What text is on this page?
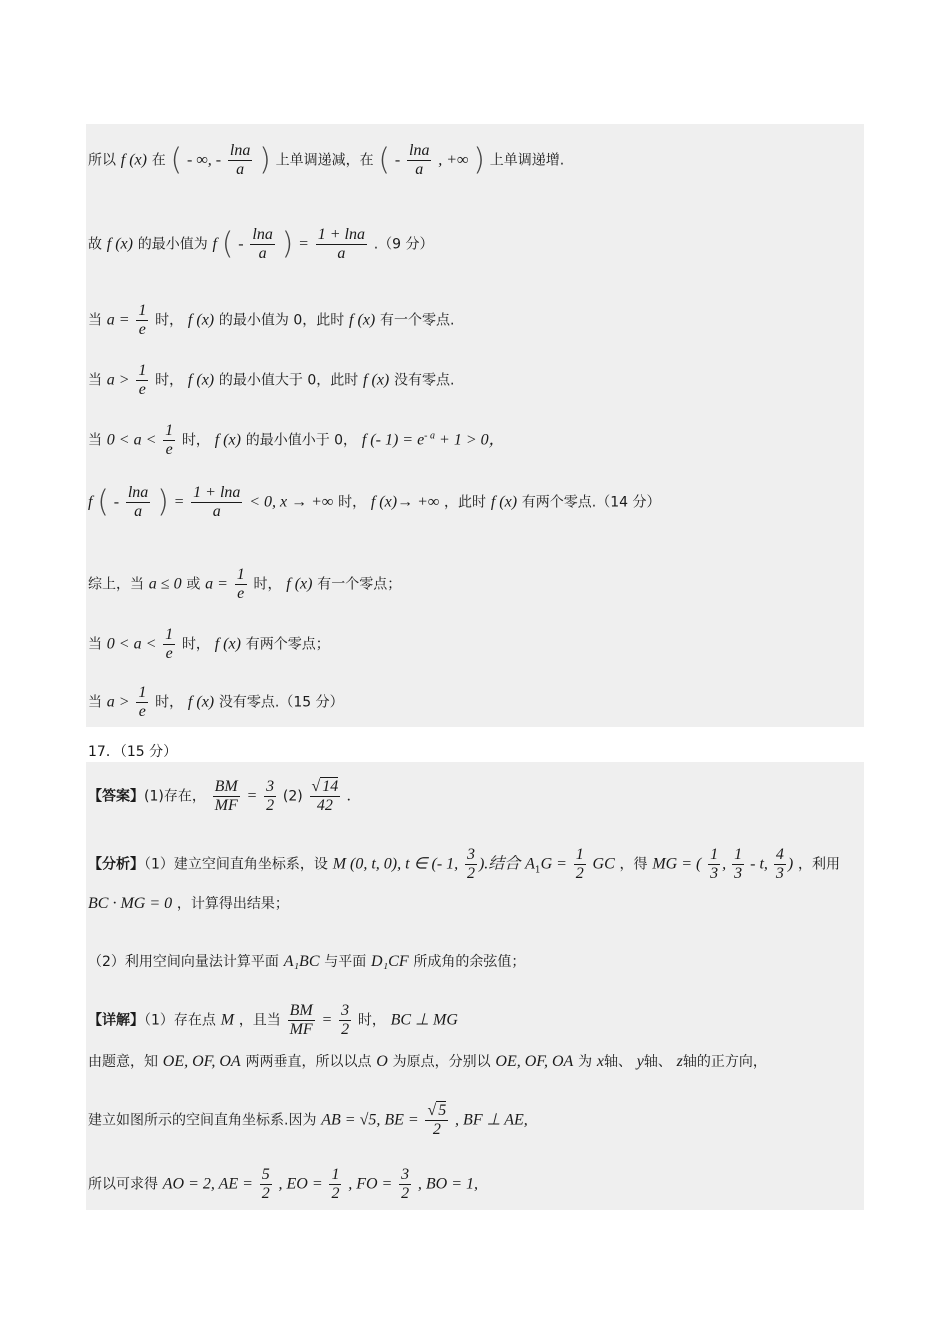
所以 f (x) 在 ( - ∞, - $\frac{\ln a}{a}$ ) 上单调递减，在 ( - $\frac{\ln a}{a}$ , +∞ ) 上单调递增.
故 f (x) 的最小值为 f ( - $\frac{\ln a}{a}$ ) = $\frac{1 + \ln a}{a} .(9$ 分）
当 $a = \frac{1}{e}$ 时， f (x) 的最小值为 0，此时 f (x) 有一个零点.
当 $a > \frac{1}{e}$ 时， f (x) 的最小值大于 0，此时 f (x) 没有零点.
当 $0 < a < \frac{1}{e}$ 时， f (x) 的最小值小于 0， f (- $1) = e^{- a} + 1 > 0$，
f ( - $\frac{\ln a}{a}$ ) = $\frac{1 + \ln a}{a} < 0$, x → +∞ 时， f (x)→ +∞ ，此时 f (x) 有两个零点.（14 分）
综上，当 a ≤ 0 或 $a = \frac{1}{e}$ 时， f (x) 有一个零点；
当 $0 < a < \frac{1}{e}$ 时， f (x) 有两个零点；
当 $a > \frac{1}{e}$ 时， f (x) 没有零点.（15 分）
17．（15 分）
【答案】(1)存在， $\frac{BM}{MF} = \frac{3}{2} (2) \frac{√ 14}{42}$ .
【分析】（1）建立空间直角坐标系，设 M (0, t, 0), t ∈ (- 1, $\frac{3}{2}$ ).结合 $A_1G = \frac{1}{2}$ GC ，得 MG = ( $\frac{1}{3}$ , $\frac{1}{3}$ - t, $\frac{4}{3}$ ) ，利用
BC · MG = 0 ，计算得出结果；
（2）利用空间向量法计算平面 A₁BC 与平面 D₁CF 所成角的余弦值；
【详解】（1）存在点 M ，且当 $\frac{BM}{MF} = \frac{3}{2}$ 时， BC ⊥ MG
由题意，知 OE, OF, OA 两两垂直，所以以点 O 为原点，分别以 OE, OF, OA 为 x轴、 y轴、 z轴的正方向，
建立如图所示的空间直角坐标系.因为 AB = √5, BE = $\frac{√ 5}{2}$ , BF ⊥ AE,
所以可求得 AO = 2, AE = $\frac{5}{2}$ , EO = $\frac{1}{2}$ , FO = $\frac{3}{2}$ , BO = 1,
